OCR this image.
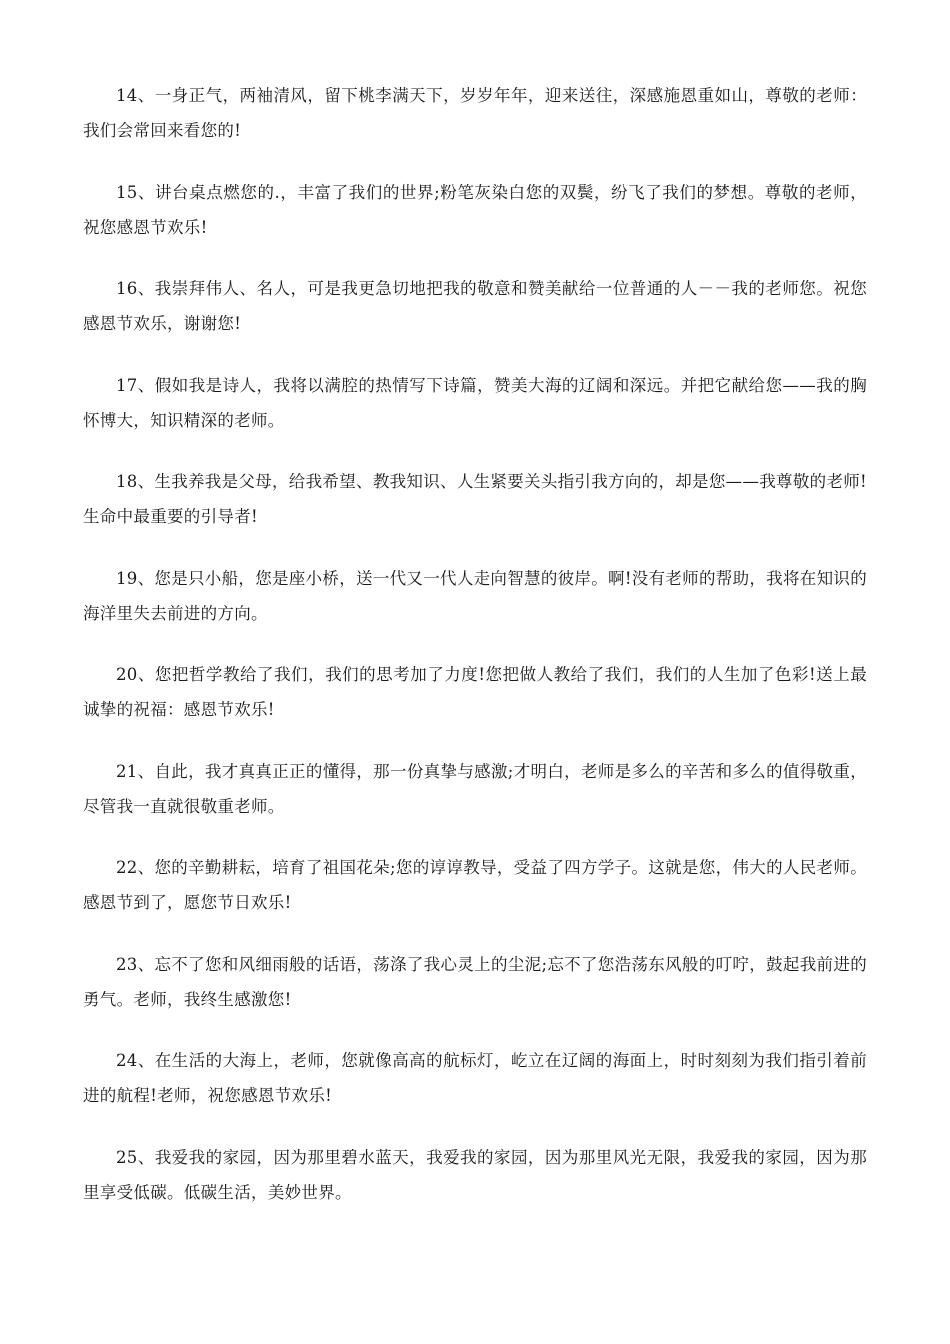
14、一身正气，两袖清风，留下桃李满天下，岁岁年年，迎来送往，深感施恩重如山，尊敬的老师：我们会常回来看您的!

15、讲台桌点燃您的.，丰富了我们的世界;粉笔灰染白您的双鬓，纷飞了我们的梦想。尊敬的老师，祝您感恩节欢乐!

16、我崇拜伟人、名人，可是我更急切地把我的敬意和赞美献给一位普通的人－－我的老师您。祝您感恩节欢乐，谢谢您!

17、假如我是诗人，我将以满腔的热情写下诗篇，赞美大海的辽阔和深远。并把它献给您——我的胸怀博大，知识精深的老师。

18、生我养我是父母，给我希望、教我知识、人生紧要关头指引我方向的，却是您——我尊敬的老师!生命中最重要的引导者!

19、您是只小船，您是座小桥，送一代又一代人走向智慧的彼岸。啊!没有老师的帮助，我将在知识的海洋里失去前进的方向。

20、您把哲学教给了我们，我们的思考加了力度!您把做人教给了我们，我们的人生加了色彩!送上最诚挚的祝福：感恩节欢乐!

21、自此，我才真真正正的懂得，那一份真挚与感激;才明白，老师是多么的辛苦和多么的值得敬重，尽管我一直就很敬重老师。

22、您的辛勤耕耘，培育了祖国花朵;您的谆谆教导，受益了四方学子。这就是您，伟大的人民老师。感恩节到了，愿您节日欢乐!

23、忘不了您和风细雨般的话语，荡涤了我心灵上的尘泥;忘不了您浩荡东风般的叮咛，鼓起我前进的勇气。老师，我终生感激您!

24、在生活的大海上，老师，您就像高高的航标灯，屹立在辽阔的海面上，时时刻刻为我们指引着前进的航程!老师，祝您感恩节欢乐!

25、我爱我的家园，因为那里碧水蓝天，我爱我的家园，因为那里风光无限，我爱我的家园，因为那里享受低碳。低碳生活，美妙世界。
